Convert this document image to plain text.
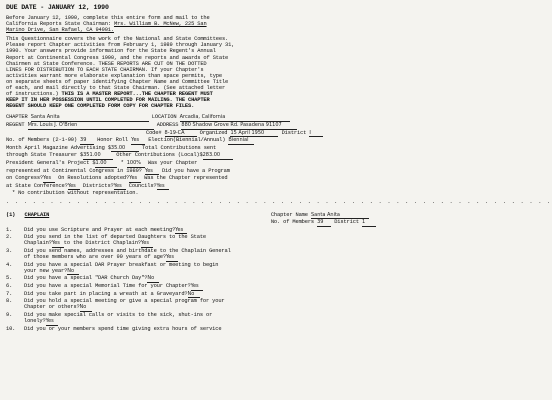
DUE DATE - JANUARY 12, 1990
Before January 12, 1990, complete this entire form and mail to the
California Reports State Chairman: Mrs. William B. McNew, 225 San
Marino Drive, San Rafael, CA 94901.
This Questionnaire covers the work of the National and State Committees.
Please report Chapter activities from February 1, 1989 through January 31,
1990. Your answers provide information for the State Regent's Annual
Report at Continental Congress 1990, and the reports and awards of State
Chairmen at State Conference. THESE REPORTS ARE CUT ON THE DOTTED
LINES FOR DISTRIBUTION TO EACH STATE CHAIRMAN. If your Chapter's
activities warrant more elaborate explanation than space permits, type
on separate sheets of paper identifying Chapter Name and Committee Title
of each, and mail directly to that State Chairman. (See attached letter
of instructions.) THIS IS A MASTER REPORT...THE CHAPTER REGENT MUST
KEEP IT IN HER POSSESSION UNTIL COMPLETED FOR MAILING. THE CHAPTER
REGENT SHOULD KEEP ONE COMPLETED FORM COPY FOR CHAPTER FILES.
CHAPTER Santa Anita	LOCATION Arcadia, California
REGENT Mrs. Louis J. O'Brien	ADDRESS 880 Shadow Grove Rd. Pasadena 91107
Code# 8-19-CA	Organized 15 April 1950	District I
No. of Members (2-1-90) 39 Honor Roll Yes Election(Biennial/Annual) Biennial
Month April Magazine Advertising $35.00	Total Contributions sent
through State Treasurer $351.00	Other Contributions (Local)$283.00
President General's Project $1.00	* 100% Was your Chapter
represented at Continental Congress in 1989? Yes Did you have a Program
on Congress?Yes On Resolutions adopted?Yes Was the Chapter represented
at State Conference?Yes Districts?Yes Councils?Yes
* No contribution without representation.
. . . . . . . . . . . . . . . . . . . . . . . . . . . . . . . . . . . . . . . . . . . . . . . . . . . . . . . . . . . . . .
(1) CHAPLAIN	Chapter Name Santa Anita
No. of Members 39 District 1
1. Did you use Scripture and Prayer at each meeting?Yes
2. Did you send in the list of departed Daughters to the State
Chaplain?Yes to the District Chaplain?Yes
3. Did you send names, addresses and birthdate to the Chaplain General
of those members who are over 90 years of age?Yes
4. Did you have a special DAR Prayer breakfast or meeting to begin
your new year?No
5. Did you have a special "DAR Church Day"?No
6. Did you have a special Memorial Time for your Chapter?Yes
7. Did you take part in placing a wreath at a Graveyard?No
8. Did you hold a special meeting or give a special program for your
Chapter or others?No
9. Did you make special calls or visits to the sick, shut-ins or
lonely?Yes
10. Did you or your members spend time giving extra hours of service
